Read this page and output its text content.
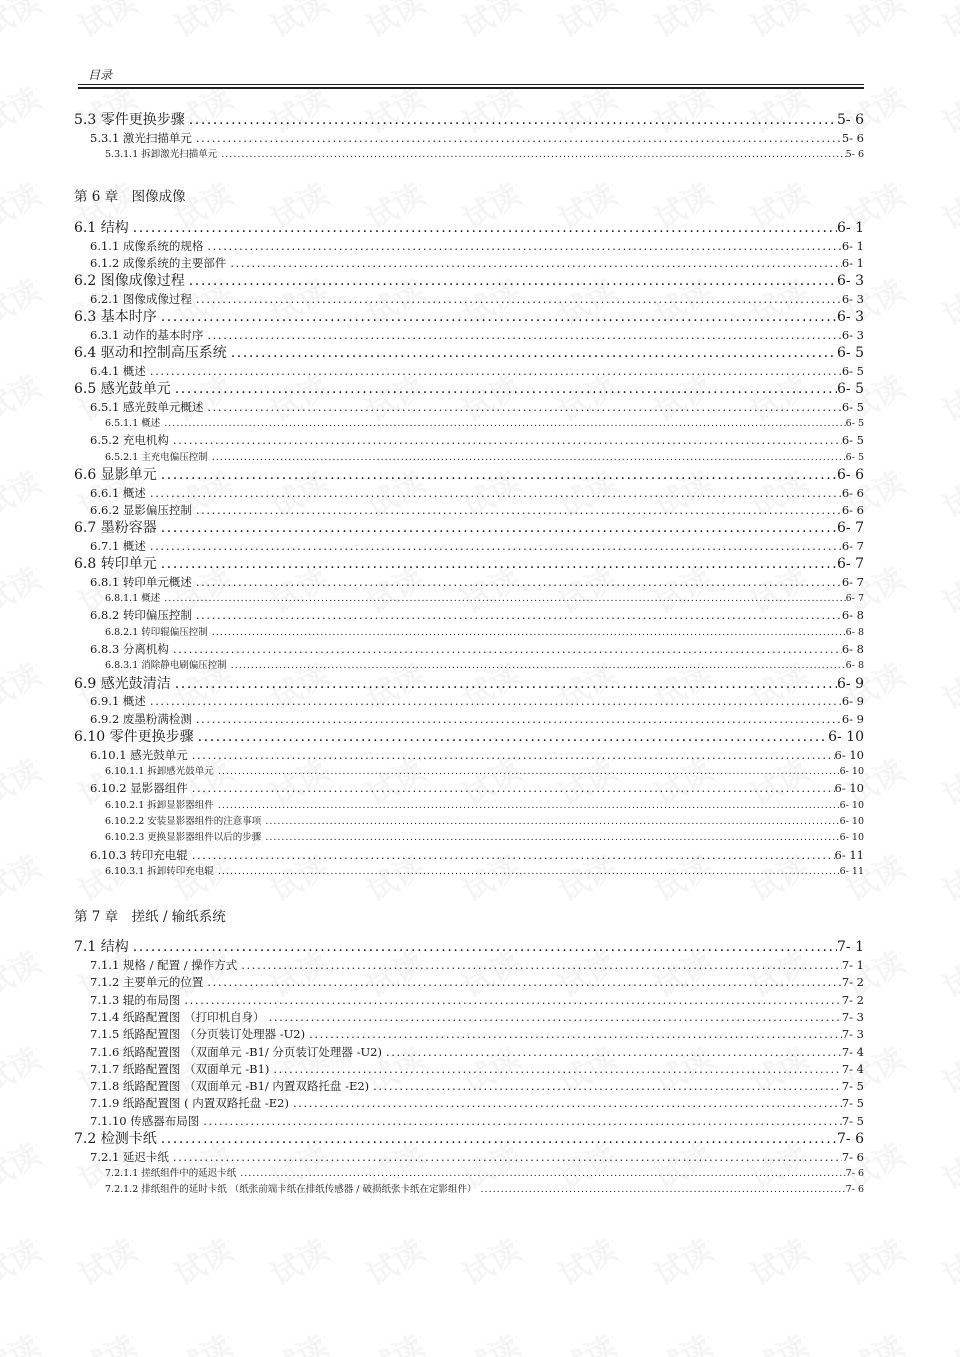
目录
5.3 零件更换步骤 .....	5- 6
5.3.1 激光扫描单元 .....	5- 6
5.3.1.1 拆卸激光扫描单元 .....	5- 6
第 6 章　图像成像
6.1 结构 .....	6- 1
6.1.1 成像系统的规格 .....	6- 1
6.1.2 成像系统的主要部件 .....	6- 1
6.2 图像成像过程 .....	6- 3
6.2.1 图像成像过程 .....	6- 3
6.3 基本时序 .....	6- 3
6.3.1 动作的基本时序 .....	6- 3
6.4 驱动和控制高压系统 .....	6- 5
6.4.1 概述 .....	6- 5
6.5 感光鼓单元 .....	6- 5
6.5.1 感光鼓单元概述 .....	6- 5
6.5.1.1 概述 .....	6- 5
6.5.2 充电机构 .....	6- 5
6.5.2.1 主充电偏压控制 .....	6- 5
6.6 显影单元 .....	6- 6
6.6.1 概述 .....	6- 6
6.6.2 显影偏压控制 .....	6- 6
6.7 墨粉容器 .....	6- 7
6.7.1 概述 .....	6- 7
6.8 转印单元 .....	6- 7
6.8.1 转印单元概述 .....	6- 7
6.8.1.1 概述 .....	6- 7
6.8.2 转印偏压控制 .....	6- 8
6.8.2.1 转印辊偏压控制 .....	6- 8
6.8.3 分离机构 .....	6- 8
6.8.3.1 消除静电刷偏压控制 .....	6- 8
6.9 感光鼓清洁 .....	6- 9
6.9.1 概述 .....	6- 9
6.9.2 废墨粉满检测 .....	6- 9
6.10 零件更换步骤 .....	6- 10
6.10.1 感光鼓单元 .....	6- 10
6.10.1.1 拆卸感光鼓单元 .....	6- 10
6.10.2 显影器组件 .....	6- 10
6.10.2.1 拆卸显影器组件 .....	6- 10
6.10.2.2 安装显影器组件的注意事项 .....	6- 10
6.10.2.3 更换显影器组件以后的步骤 .....	6- 10
6.10.3 转印充电辊 .....	6- 11
6.10.3.1 拆卸转印充电辊 .....	6- 11
第 7 章　搓纸 / 输纸系统
7.1 结构 .....	7- 1
7.1.1 规格 / 配置 / 操作方式 .....	7- 1
7.1.2 主要单元的位置 .....	7- 2
7.1.3 辊的布局图 .....	7- 2
7.1.4 纸路配置图 （打印机自身） .....	7- 3
7.1.5 纸路配置图 （分页装订处理器 -U2) .....	7- 3
7.1.6 纸路配置图 （双面单元 -B1/ 分页装订处理器 -U2) .....	7- 4
7.1.7 纸路配置图 （双面单元 -B1) .....	7- 4
7.1.8 纸路配置图 （双面单元 -B1/ 内置双路托盘 -E2) .....	7- 5
7.1.9 纸路配置图 ( 内置双路托盘 -E2) .....	7- 5
7.1.10 传感器布局图 .....	7- 5
7.2 检测卡纸 .....	7- 6
7.2.1 延迟卡纸 .....	7- 6
7.2.1.1 搓纸组件中的延迟卡纸 .....	7- 6
7.2.1.2 排纸组件的延时卡纸 （纸张前端卡纸在排纸传感器 / 破损纸张卡纸在定影组件） .....	7- 6
